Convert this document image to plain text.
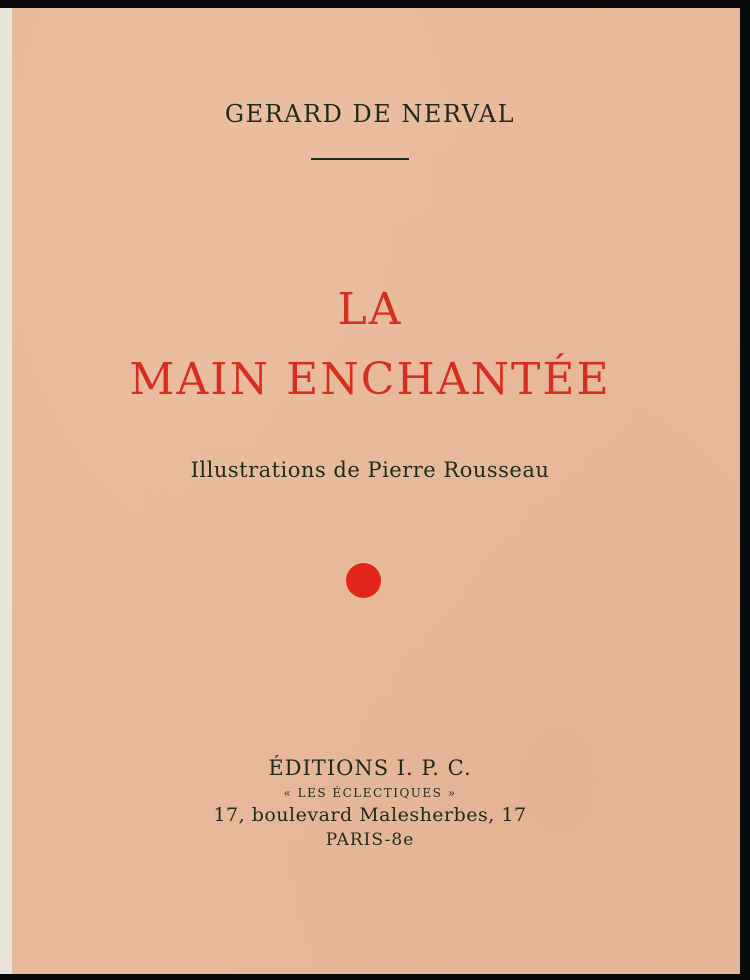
GERARD DE NERVAL
LA
MAIN ENCHANTÉE
Illustrations de Pierre Rousseau
ÉDITIONS I. P. C.
« LES ÉCLECTIQUES »
17, boulevard Malesherbes, 17
PARIS-8e
